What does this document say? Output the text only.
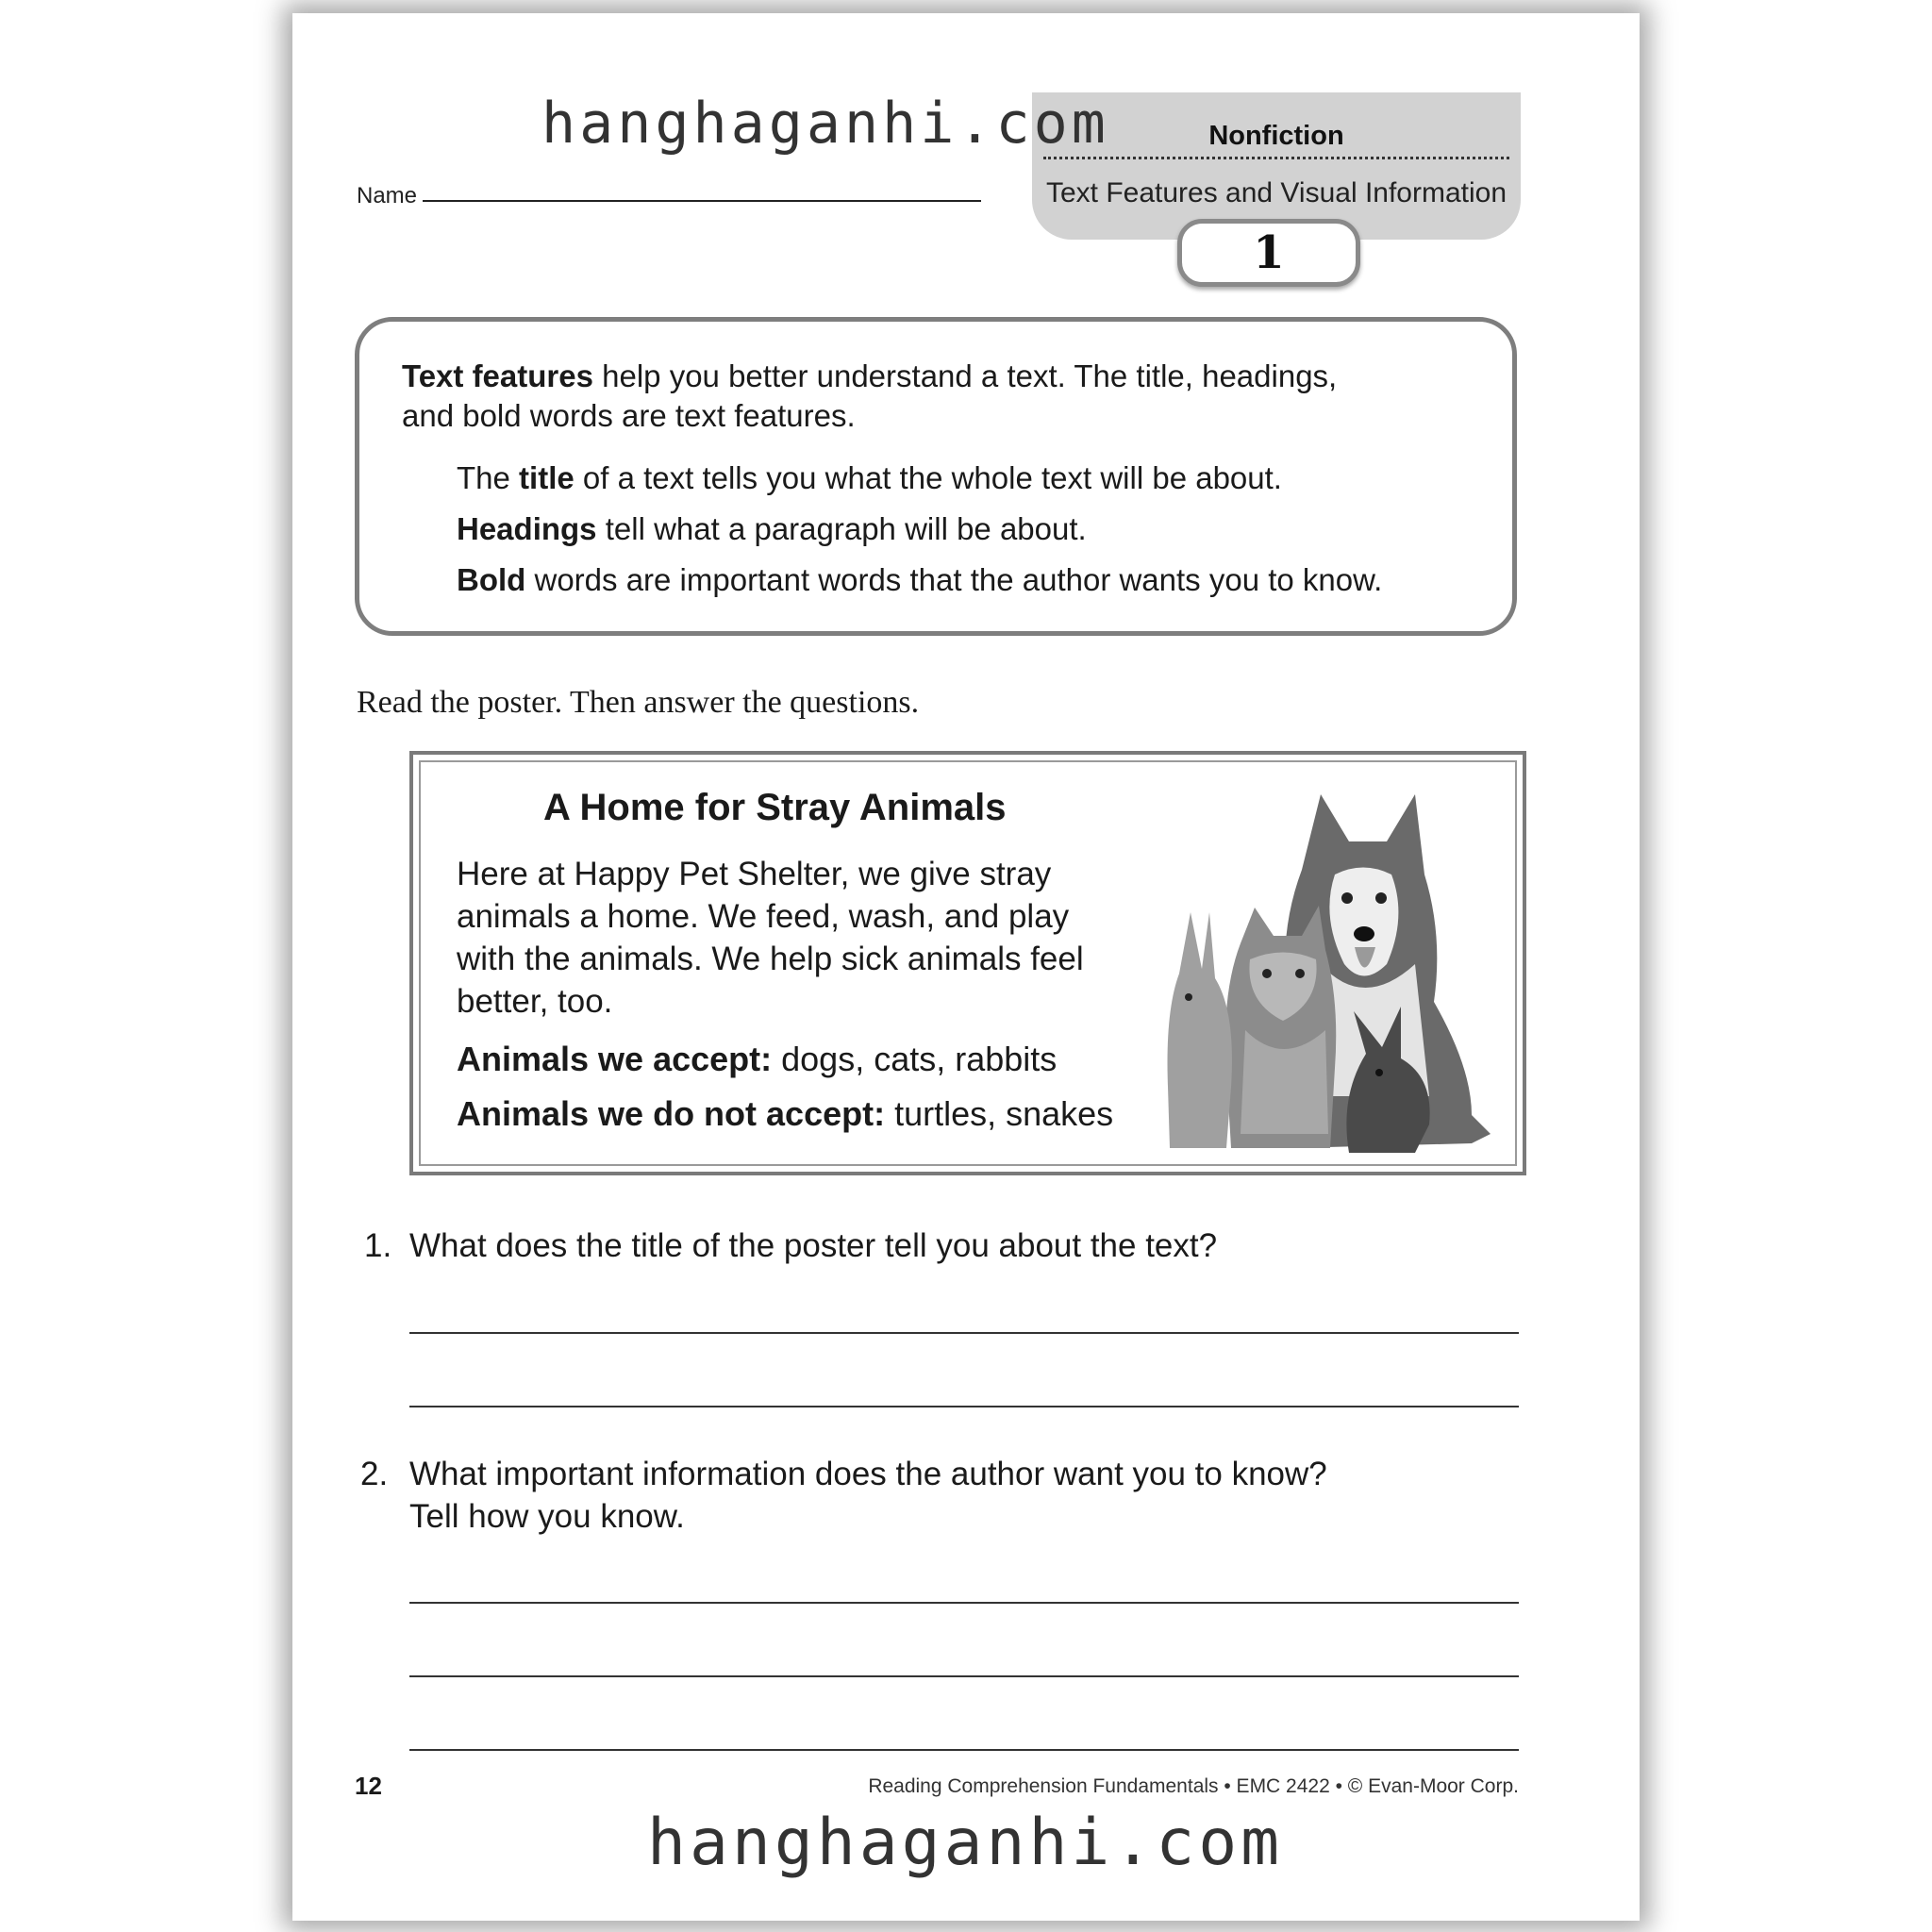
Nonfiction
Text Features and Visual Information
1
hanghaganhi.com
Name
Text features help you better understand a text. The title, headings,
and bold words are text features.
The title of a text tells you what the whole text will be about.
Headings tell what a paragraph will be about.
Bold words are important words that the author wants you to know.
Read the poster. Then answer the questions.
A Home for Stray Animals
Here at Happy Pet Shelter, we give stray
animals a home. We feed, wash, and play
with the animals. We help sick animals feel
better, too.
Animals we accept: dogs, cats, rabbits
Animals we do not accept: turtles, snakes
1. What does the title of the poster tell you about the text?
2. What important information does the author want you to know?
Tell how you know.
12	Reading Comprehension Fundamentals • EMC 2422 • © Evan-Moor Corp.
hanghaganhi.com
